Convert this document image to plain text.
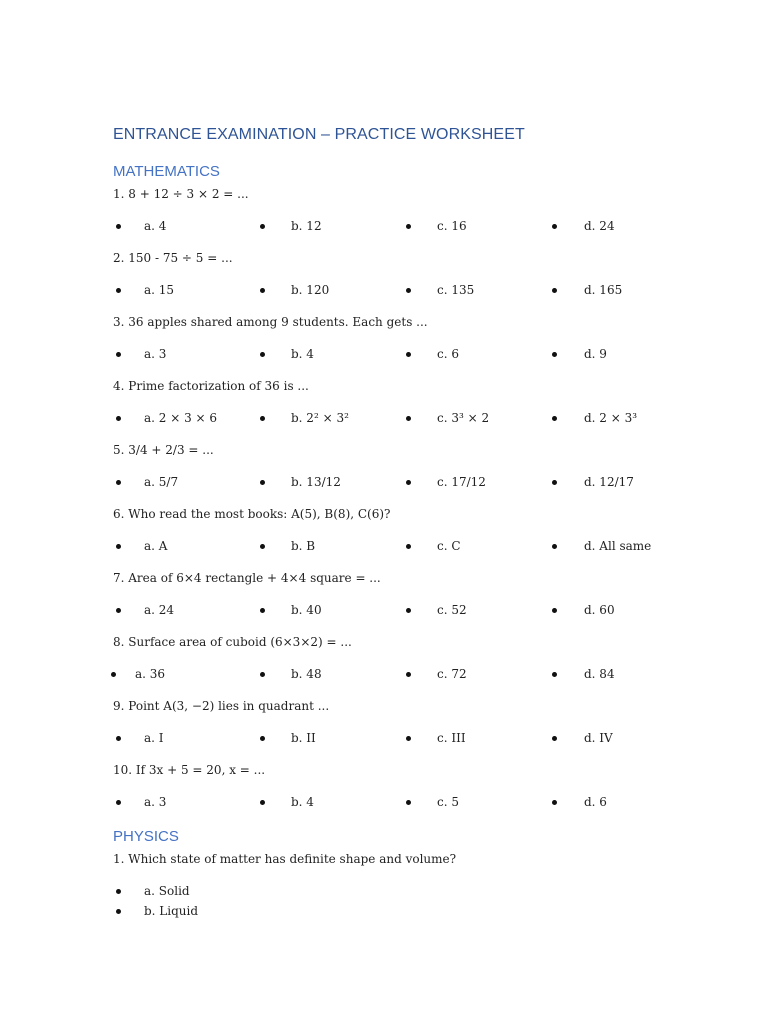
ENTRANCE EXAMINATION – PRACTICE WORKSHEET
MATHEMATICS
1. 8 + 12 ÷ 3 × 2 = ...
a. 4	b. 12	c. 16	d. 24
2. 150 - 75 ÷ 5 = ...
a. 15	b. 120	c. 135	d. 165
3. 36 apples shared among 9 students. Each gets ...
a. 3	b. 4	c. 6	d. 9
4. Prime factorization of 36 is ...
a. 2 × 3 × 6	b. 2² × 3²	c. 3³ × 2	d. 2 × 3³
5. 3/4 + 2/3 = ...
a. 5/7	b. 13/12	c. 17/12	d. 12/17
6. Who read the most books: A(5), B(8), C(6)?
a. A	b. B	c. C	d. All same
7. Area of 6×4 rectangle + 4×4 square = ...
a. 24	b. 40	c. 52	d. 60
8. Surface area of cuboid (6×3×2) = ...
a. 36	b. 48	c. 72	d. 84
9. Point A(3, −2) lies in quadrant ...
a. I	b. II	c. III	d. IV
10. If 3x + 5 = 20, x = ...
a. 3	b. 4	c. 5	d. 6
PHYSICS
1. Which state of matter has definite shape and volume?
a. Solid
b. Liquid
